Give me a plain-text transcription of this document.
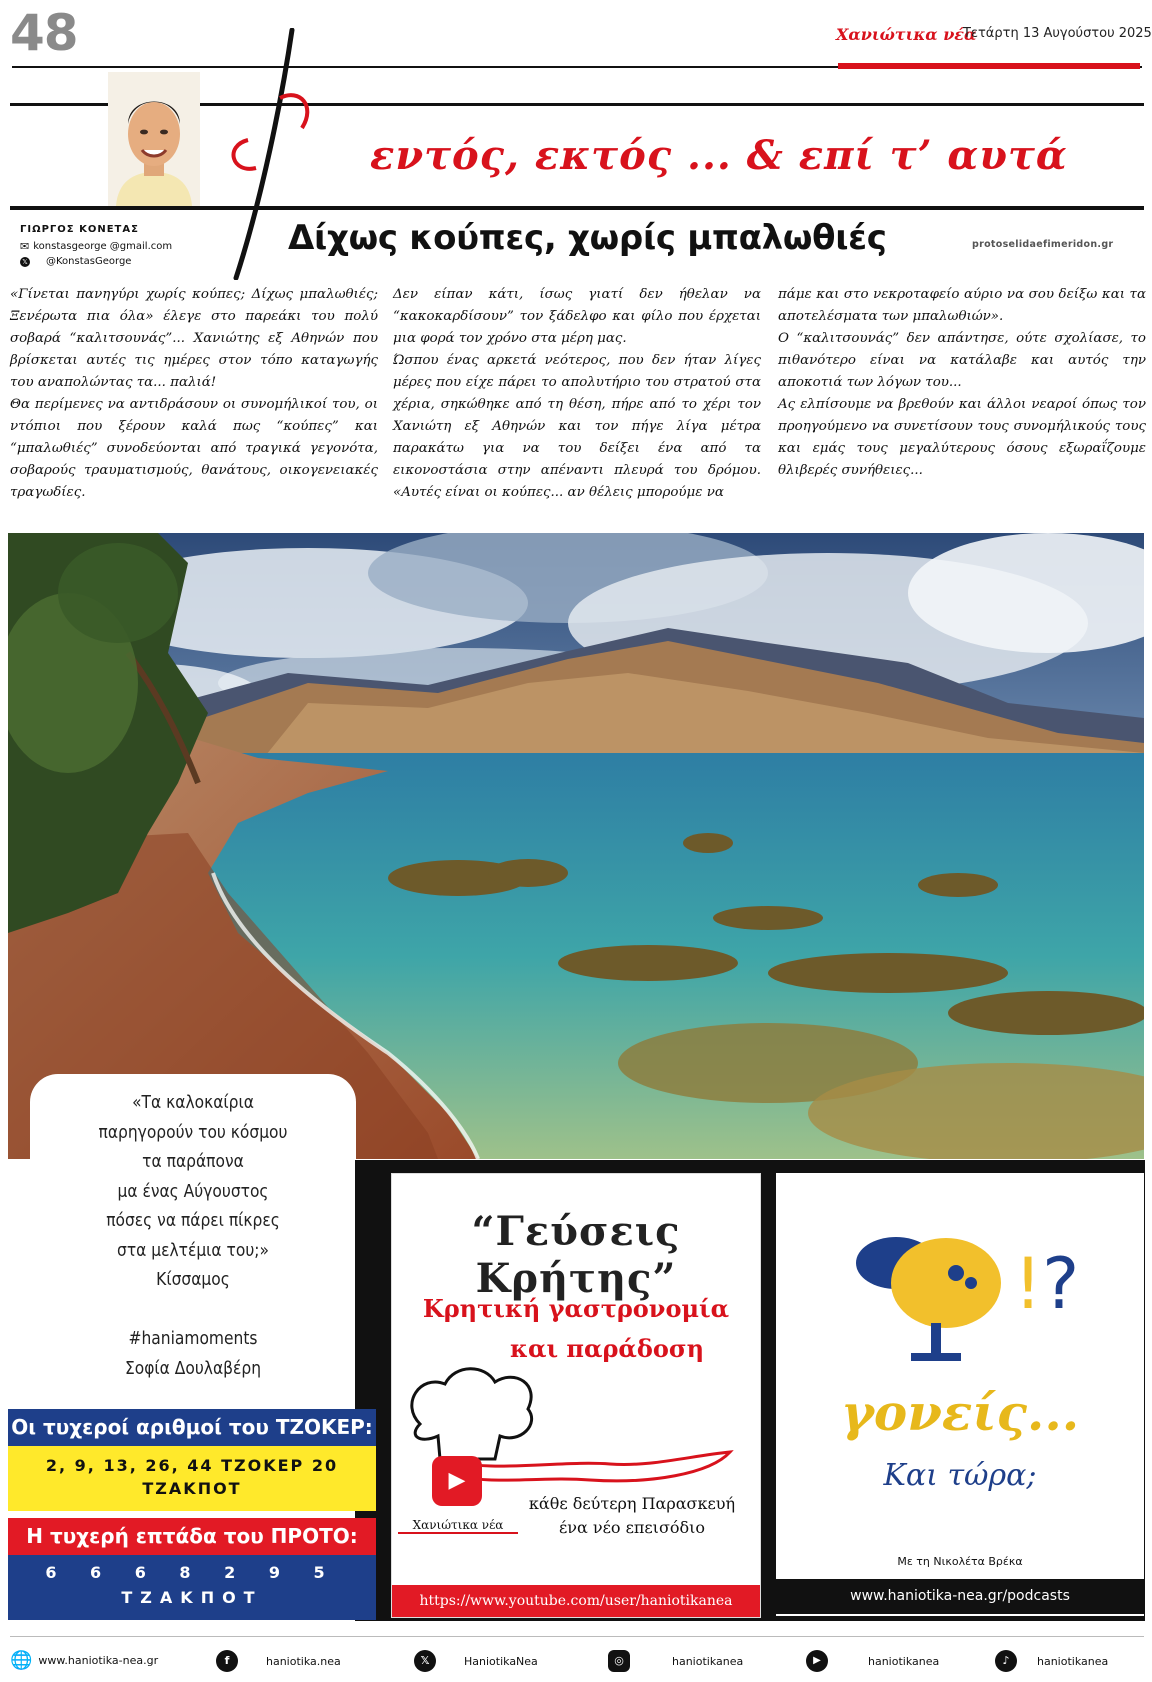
48	Χανιώτικα νέα
Τετάρτη 13 Αυγούστου 2025
εντός, εκτός ... & επί τ’ αυτά
ΓΙΩΡΓΟΣ ΚΟΝΕΤΑΣ
✉ konstasgeorge @gmail.com
𝕏 @KonstasGeorge
Δίχως κούπες, χωρίς μπαλωθιές	protoselidaefimeridon.gr

«Γίνεται πανηγύρι χωρίς κούπες; Δίχως μπαλωθιές; Ξενέρωτα πια όλα» έλεγε στο παρεάκι του πολύ σοβαρά “καλιτσουνάς”... Χανιώτης εξ Αθηνών που βρίσκεται αυτές τις ημέρες στον τόπο καταγωγής του αναπολώντας τα... παλιά!

Θα περίμενες να αντιδράσουν οι συνομήλικοί του, οι ντόπιοι που ξέρουν καλά πως “κούπες” και “μπαλωθιές” συνοδεύονται από τραγικά γεγονότα, σοβαρούς τραυματισμούς, θανάτους, οικογενειακές τραγωδίες.

Δεν είπαν κάτι, ίσως γιατί δεν ήθελαν να “κακοκαρδίσουν” τον ξάδελφο και φίλο που έρχεται μια φορά τον χρόνο στα μέρη μας.

Ώσπου ένας αρκετά νεότερος, που δεν ήταν λίγες μέρες που είχε πάρει το απολυτήριο του στρατού στα χέρια, σηκώθηκε από τη θέση, πήρε από το χέρι τον Χανιώτη εξ Αθηνών και τον πήγε λίγα μέτρα παρακάτω για να του δείξει ένα από τα εικονοστάσια στην απέναντι πλευρά του δρόμου. «Αυτές είναι οι κούπες... αν θέλεις μπορούμε να

πάμε και στο νεκροταφείο αύριο να σου δείξω και τα αποτελέσματα των μπαλωθιών».

Ο “καλιτσουνάς” δεν απάντησε, ούτε σχολίασε, το πιθανότερο είναι να κατάλαβε και αυτός την αποκοτιά των λόγων του...

Ας ελπίσουμε να βρεθούν και άλλοι νεαροί όπως τον προηγούμενο να συνετίσουν τους συνομήλικούς τους και εμάς τους μεγαλύτερους όσους εξωραΐζουμε θλιβερές συνήθειες...

«Τα καλοκαίρια
παρηγορούν του κόσμου
τα παράπονα
μα ένας Αύγουστος
πόσες να πάρει πίκρες
στα μελτέμια του;»
Κίσσαμος

#haniamoments
Σοφία Δουλαβέρη
Οι τυχεροί αριθμοί του ΤΖΟΚΕΡ:
2, 9, 13, 26, 44 ΤΖΟΚΕΡ 20
ΤΖΑΚΠΟΤ
Η τυχερή επτάδα του ΠΡΟΤΟ:
6 6 6 8 2 9 5
ΤΖΑΚΠΟΤ
“Γεύσεις Κρήτης”
Κρητική γαστρονομία
και παράδοση
▶
Χανιώτικα νέα
κάθε δεύτερη Παρασκευή
ένα νέο επεισόδιο
https://www.youtube.com/user/haniotikanea
!?
γονείς...
Και τώρα;
Με τη Νικολέτα Βρέκα
www.haniotika-nea.gr/podcasts
🌐 www.haniotika-nea.gr	f	haniotika.nea	𝕏	HaniotikaNea	◎	haniotikanea	▶	haniotikanea	♪	haniotikanea
